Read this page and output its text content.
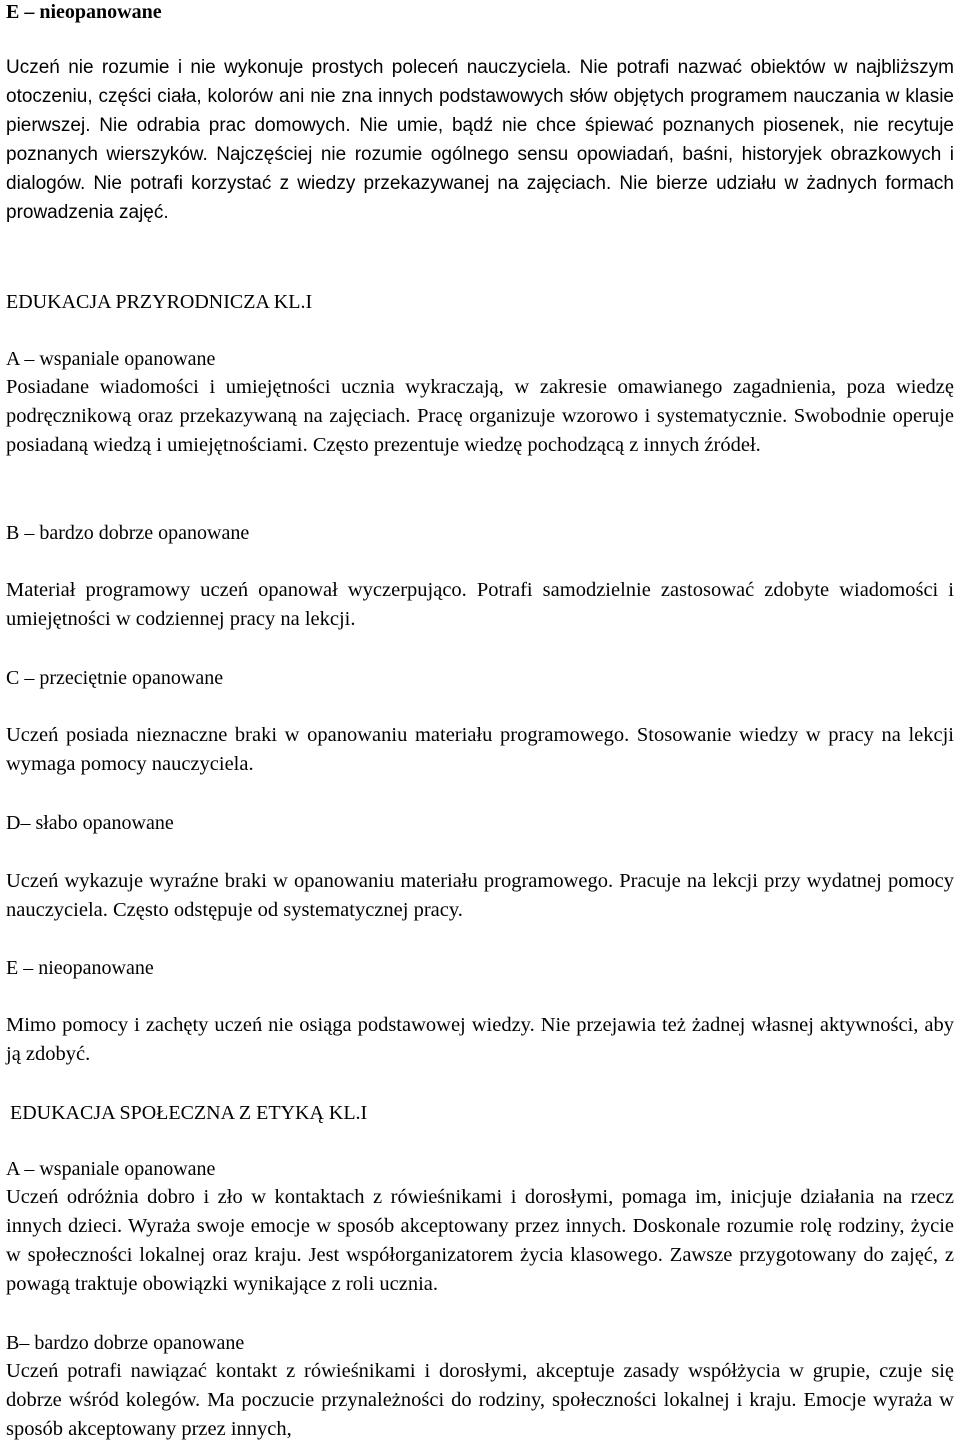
E – nieopanowane

Uczeń nie rozumie i nie wykonuje prostych poleceń nauczyciela. Nie potrafi nazwać obiektów w najbliższym otoczeniu, części ciała, kolorów ani nie zna innych podstawowych słów objętych programem nauczania w klasie pierwszej. Nie odrabia prac domowych. Nie umie, bądź nie chce śpiewać poznanych piosenek, nie recytuje poznanych wierszyków. Najczęściej nie rozumie ogólnego sensu opowiadań, baśni, historyjek obrazkowych i dialogów. Nie potrafi korzystać z wiedzy przekazywanej na zajęciach. Nie bierze udziału w żadnych formach prowadzenia zajęć.

EDUKACJA PRZYRODNICZA KL.I
A – wspaniale opanowane

Posiadane wiadomości i umiejętności ucznia wykraczają, w zakresie omawianego zagadnienia, poza wiedzę podręcznikową oraz przekazywaną na zajęciach. Pracę organizuje wzorowo i systematycznie. Swobodnie operuje posiadaną wiedzą i umiejętnościami. Często prezentuje wiedzę pochodzącą z innych źródeł.

B – bardzo dobrze opanowane

Materiał programowy uczeń opanował wyczerpująco. Potrafi samodzielnie zastosować zdobyte wiadomości i umiejętności w codziennej pracy na lekcji.

C – przeciętnie opanowane

Uczeń posiada nieznaczne braki w opanowaniu materiału programowego. Stosowanie wiedzy w pracy na lekcji wymaga pomocy nauczyciela.

D– słabo opanowane

Uczeń wykazuje wyraźne braki w opanowaniu materiału programowego. Pracuje na lekcji przy wydatnej pomocy nauczyciela. Często odstępuje od systematycznej pracy.

E – nieopanowane

Mimo pomocy i zachęty uczeń nie osiąga podstawowej wiedzy. Nie przejawia też żadnej własnej aktywności, aby ją zdobyć.

EDUKACJA SPOŁECZNA Z ETYKĄ KL.I
A – wspaniale opanowane

Uczeń odróżnia dobro i zło w kontaktach z rówieśnikami i dorosłymi, pomaga im, inicjuje działania na rzecz innych dzieci. Wyraża swoje emocje w sposób akceptowany przez innych. Doskonale rozumie rolę rodziny, życie w społeczności lokalnej oraz kraju. Jest współorganizatorem życia klasowego. Zawsze przygotowany do zajęć, z powagą traktuje obowiązki wynikające z roli ucznia.

B– bardzo dobrze opanowane

Uczeń potrafi nawiązać kontakt z rówieśnikami i dorosłymi, akceptuje zasady współżycia w grupie, czuje się dobrze wśród kolegów. Ma poczucie przynależności do rodziny, społeczności lokalnej i kraju. Emocje wyraża w sposób akceptowany przez innych,
